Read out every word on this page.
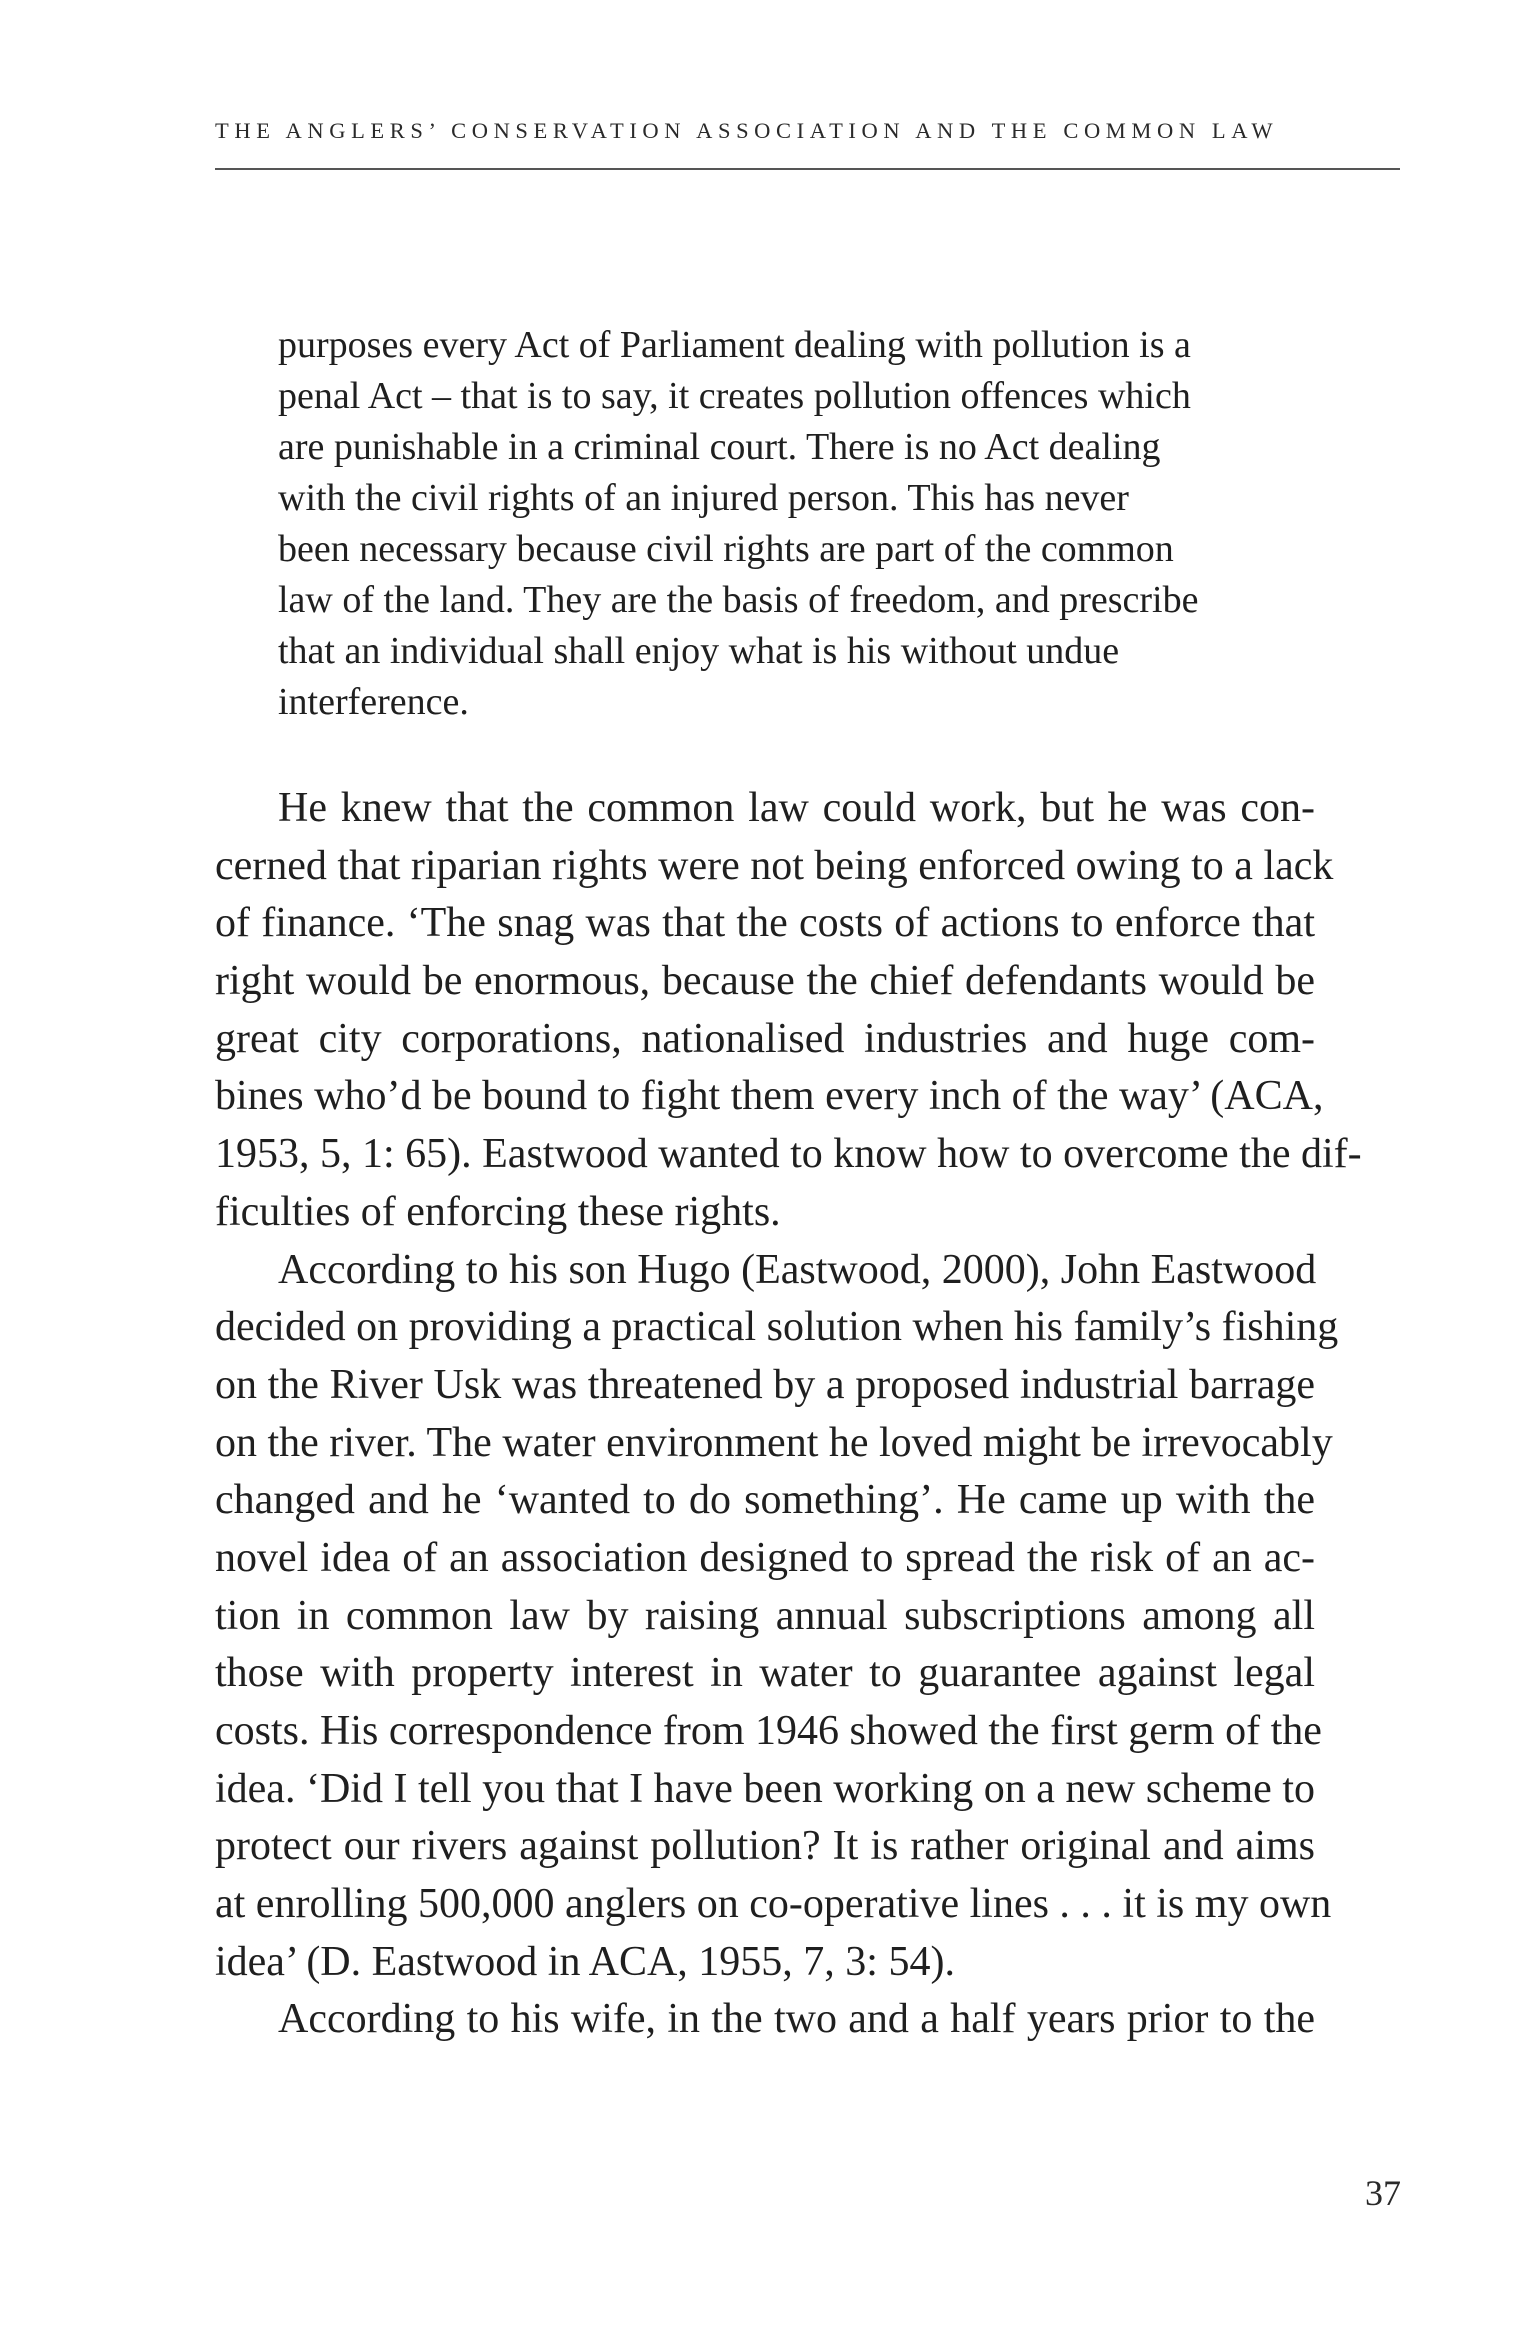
THE ANGLERS’ CONSERVATION ASSOCIATION AND THE COMMON LAW
purposes every Act of Parliament dealing with pollution is a
penal Act – that is to say, it creates pollution offences which
are punishable in a criminal court. There is no Act dealing
with the civil rights of an injured person. This has never
been necessary because civil rights are part of the common
law of the land. They are the basis of freedom, and prescribe
that an individual shall enjoy what is his without undue
interference.
He knew that the common law could work, but he was con-
cerned that riparian rights were not being enforced owing to a lack
of finance. ‘The snag was that the costs of actions to enforce that
right would be enormous, because the chief defendants would be
great city corporations, nationalised industries and huge com-
bines who’d be bound to fight them every inch of the way’ (ACA,
1953, 5, 1: 65). Eastwood wanted to know how to overcome the dif-
ficulties of enforcing these rights.
According to his son Hugo (Eastwood, 2000), John Eastwood
decided on providing a practical solution when his family’s fishing
on the River Usk was threatened by a proposed industrial barrage
on the river. The water environment he loved might be irrevocably
changed and he ‘wanted to do something’. He came up with the
novel idea of an association designed to spread the risk of an ac-
tion in common law by raising annual subscriptions among all
those with property interest in water to guarantee against legal
costs. His correspondence from 1946 showed the first germ of the
idea. ‘Did I tell you that I have been working on a new scheme to
protect our rivers against pollution? It is rather original and aims
at enrolling 500,000 anglers on co-operative lines . . . it is my own
idea’ (D. Eastwood in ACA, 1955, 7, 3: 54).
According to his wife, in the two and a half years prior to the
37
